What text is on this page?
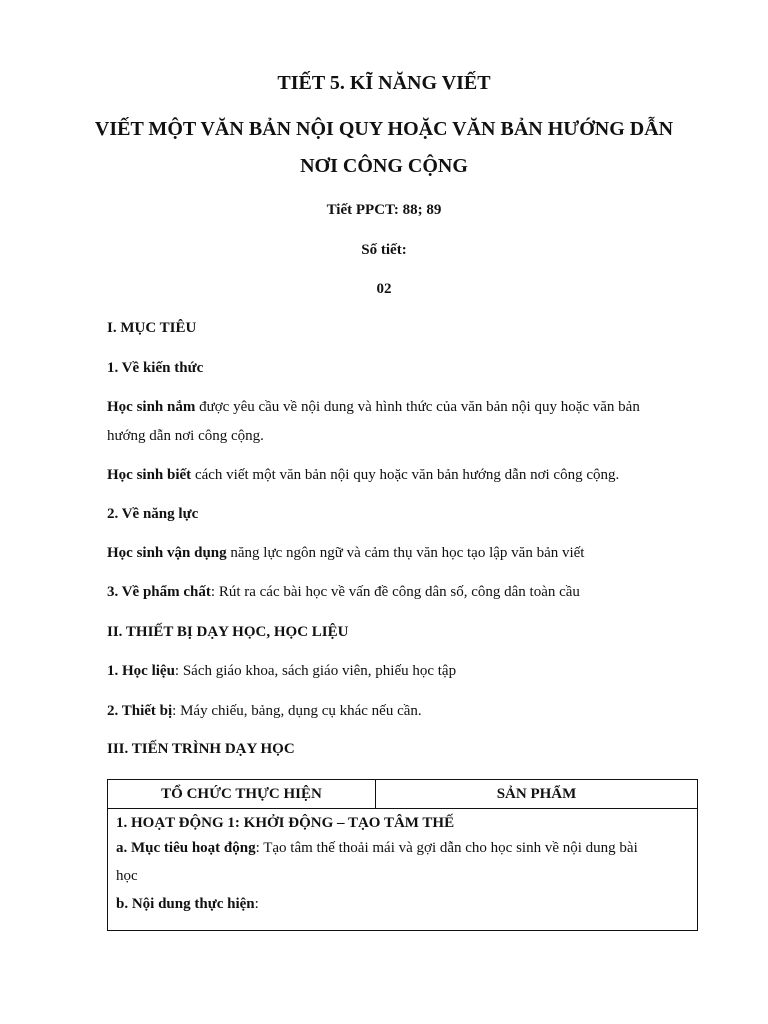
TIẾT 5. KĨ NĂNG VIẾT
VIẾT MỘT VĂN BẢN NỘI QUY HOẶC VĂN BẢN HƯỚNG DẪN
NƠI CÔNG CỘNG
Tiết PPCT: 88; 89
Số tiết:
02
I. MỤC TIÊU
1. Về kiến thức
Học sinh nắm được yêu cầu về nội dung và hình thức của văn bản nội quy hoặc văn bản
hướng dẫn nơi công cộng.
Học sinh biết cách viết một văn bản nội quy hoặc văn bản hướng dẫn nơi công cộng.
2. Về năng lực
Học sinh vận dụng năng lực ngôn ngữ và cảm thụ văn học tạo lập văn bản viết
3. Về phẩm chất: Rút ra các bài học về vấn đề công dân số, công dân toàn cầu
II. THIẾT BỊ DẠY HỌC, HỌC LIỆU
1. Học liệu: Sách giáo khoa, sách giáo viên, phiếu học tập
2. Thiết bị: Máy chiếu, bảng, dụng cụ khác nếu cần.
III. TIẾN TRÌNH DẠY HỌC
TỔ CHỨC THỰC HIỆN	SẢN PHẨM

1. HOẠT ĐỘNG 1: KHỞI ĐỘNG – TẠO TÂM THẾ
a. Mục tiêu hoạt động: Tạo tâm thế thoải mái và gợi dẫn cho học sinh về nội dung bài
học
b. Nội dung thực hiện:
